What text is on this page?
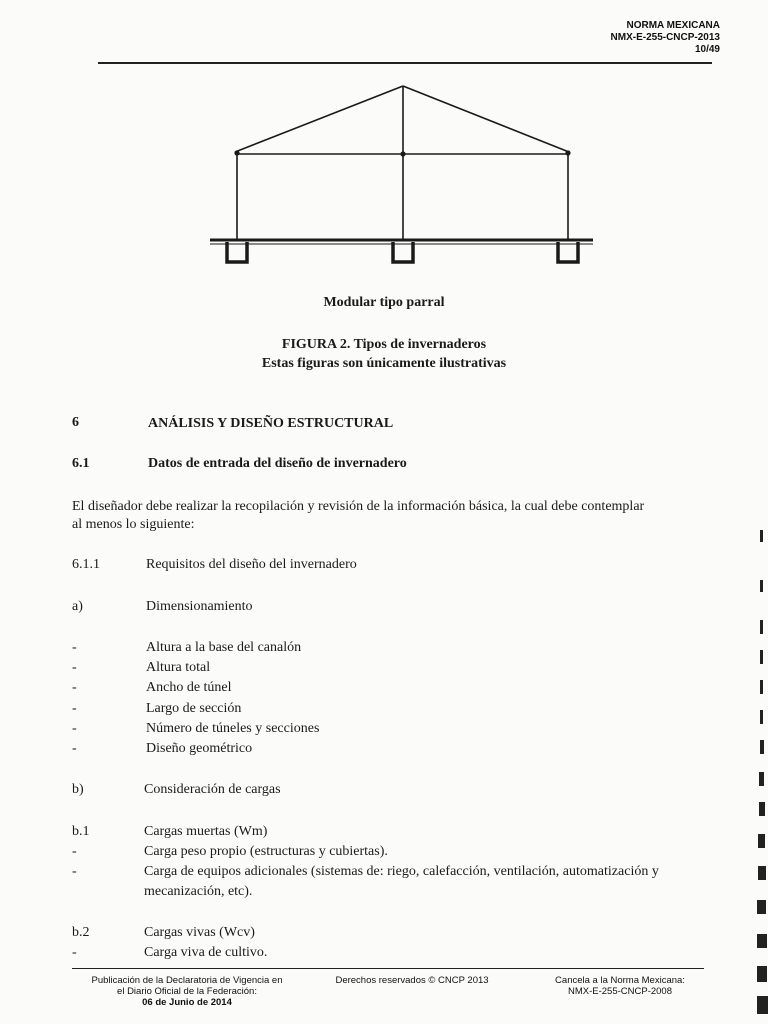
NORMA MEXICANA
NMX-E-255-CNCP-2013
10/49
Modular tipo parral
FIGURA 2. Tipos de invernaderos
Estas figuras son únicamente ilustrativas
6	ANÁLISIS Y DISEÑO ESTRUCTURAL
6.1	Datos de entrada del diseño de invernadero
El diseñador debe realizar la recopilación y revisión de la información básica, la cual debe contemplar
al menos lo siguiente:
6.1.1	Requisitos del diseño del invernadero
a)	Dimensionamiento
-	Altura a la base del canalón
-	Altura total
-	Ancho de túnel
-	Largo de sección
-	Número de túneles y secciones
-	Diseño geométrico
b)	Consideración de cargas
b.1	Cargas muertas (Wm)
-	Carga peso propio (estructuras y cubiertas).
-	Carga de equipos adicionales (sistemas de: riego, calefacción, ventilación, automatización y
mecanización, etc).
b.2	Cargas vivas (Wcv)
-	Carga viva de cultivo.
Publicación de la Declaratoria de Vigencia en
el Diario Oficial de la Federación:
06 de Junio de 2014
Derechos reservados © CNCP 2013	Cancela a la Norma Mexicana:
NMX-E-255-CNCP-2008
